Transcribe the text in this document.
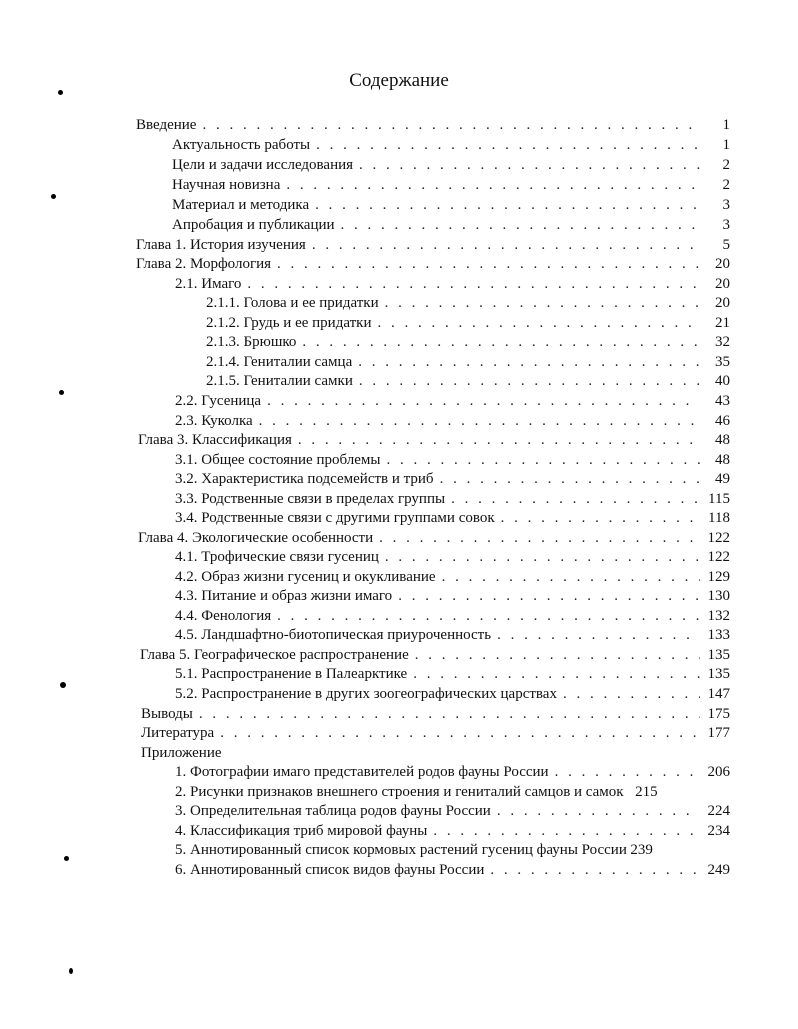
Содержание
Введение . . .	1
Актуальность работы . . .	1
Цели и задачи исследования . . .	2
Научная новизна . . .	2
Материал и методика . . .	3
Апробация и публикации . . .	3
Глава 1. История изучения . . .	5
Глава 2. Морфология . . .	20
2.1. Имаго . . .	20
2.1.1. Голова и ее придатки . . .	20
2.1.2. Грудь и ее придатки . . .	21
2.1.3. Брюшко . . .	32
2.1.4. Гениталии самца . . .	35
2.1.5. Гениталии самки . . .	40
2.2. Гусеница . . .	43
2.3. Куколка . . .	46
Глава 3. Классификация . . .	48
3.1. Общее состояние проблемы . . .	48
3.2. Характеристика подсемейств и триб . . .	49
3.3. Родственные связи в пределах группы . . .	115
3.4. Родственные связи с другими группами совок . . .	118
Глава 4. Экологические особенности . . .	122
4.1. Трофические связи гусениц . . .	122
4.2. Образ жизни гусениц и окукливание . . .	129
4.3. Питание и образ жизни имаго . . .	130
4.4. Фенология . . .	132
4.5. Ландшафтно-биотопическая приуроченность . . .	133
Глава 5. Географическое распространение . . .	135
5.1. Распространение в Палеарктике . . .	135
5.2. Распространение в других зоогеографических царствах . . .	147
Выводы . . .	175
Литература . . .	177
Приложение
1. Фотографии имаго представителей родов фауны России . . .	206
2. Рисунки признаков внешнего строения и гениталий самцов и самок 215
3. Определительная таблица родов фауны России . . .	224
4. Классификация триб мировой фауны . . .	234
5. Аннотированный список кормовых растений гусениц фауны России 239
6. Аннотированный список видов фауны России . . .	249
